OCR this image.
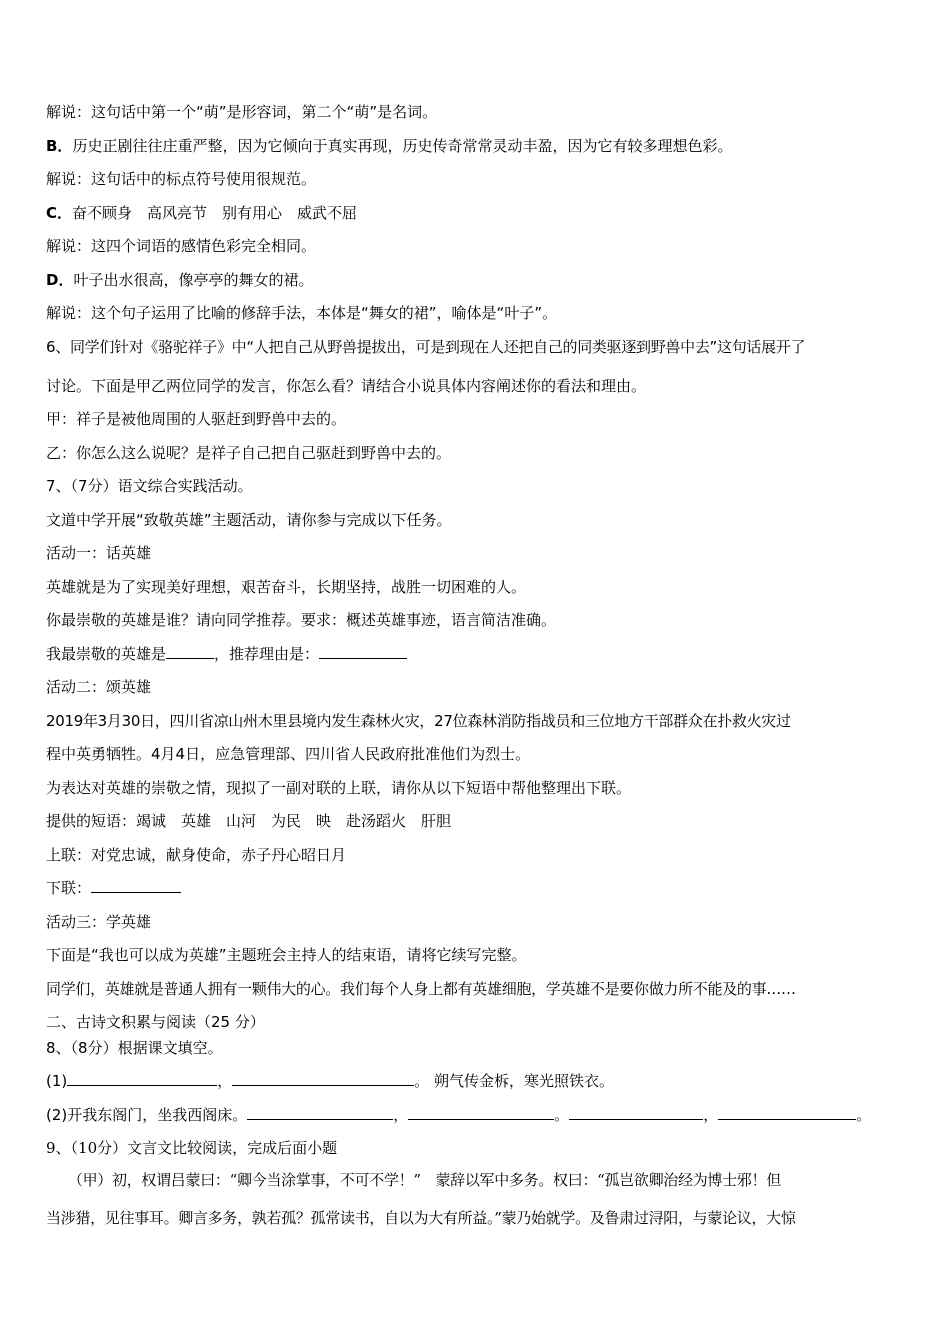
解说：这句话中第一个“萌”是形容词，第二个“萌”是名词。
B．历史正剧往往庄重严整，因为它倾向于真实再现，历史传奇常常灵动丰盈，因为它有较多理想色彩。
解说：这句话中的标点符号使用很规范。
C．奋不顾身　高风亮节　别有用心　威武不屈
解说：这四个词语的感情色彩完全相同。
D．叶子出水很高，像亭亭的舞女的裙。
解说：这个句子运用了比喻的修辞手法，本体是“舞女的裙”，喻体是“叶子”。
6、同学们针对《骆驼祥子》中“人把自己从野兽提拔出，可是到现在人还把自己的同类驱逐到野兽中去”这句话展开了
讨论。下面是甲乙两位同学的发言，你怎么看？请结合小说具体内容阐述你的看法和理由。
甲：祥子是被他周围的人驱赶到野兽中去的。
乙：你怎么这么说呢？是祥子自己把自己驱赶到野兽中去的。
7、（7分）语文综合实践活动。
文道中学开展“致敬英雄”主题活动，请你参与完成以下任务。
活动一：话英雄
英雄就是为了实现美好理想，艰苦奋斗，长期坚持，战胜一切困难的人。
你最崇敬的英雄是谁？请向同学推荐。要求：概述英雄事迹，语言简洁准确。
我最崇敬的英雄是	，推荐理由是：
活动二：颂英雄
2019年3月30日，四川省凉山州木里县境内发生森林火灾，27位森林消防指战员和三位地方干部群众在扑救火灾过
程中英勇牺牲。4月4日，应急管理部、四川省人民政府批准他们为烈士。
为表达对英雄的崇敬之情，现拟了一副对联的上联，请你从以下短语中帮他整理出下联。
提供的短语：竭诚　英雄　山河　为民　映　赴汤蹈火　肝胆
上联：对党忠诚，献身使命，赤子丹心昭日月
下联：
活动三：学英雄
下面是“我也可以成为英雄”主题班会主持人的结束语，请将它续写完整。
同学们，英雄就是普通人拥有一颗伟大的心。我们每个人身上都有英雄细胞，学英雄不是要你做力所不能及的事……
二、古诗文积累与阅读（25 分）
8、（8分）根据课文填空。
(1)	，	。 朔气传金柝，寒光照铁衣。
(2)开我东阁门，坐我西阁床。	，	。	，	。
9、（10分）文言文比较阅读，完成后面小题
　　（甲）初，权谓吕蒙曰：“卿今当涂掌事，不可不学！”　蒙辞以军中多务。权曰：“孤岂欲卿治经为博士邪！但
当涉猎，见往事耳。卿言多务，孰若孤？孤常读书，自以为大有所益。”蒙乃始就学。及鲁肃过浔阳，与蒙论议，大惊
